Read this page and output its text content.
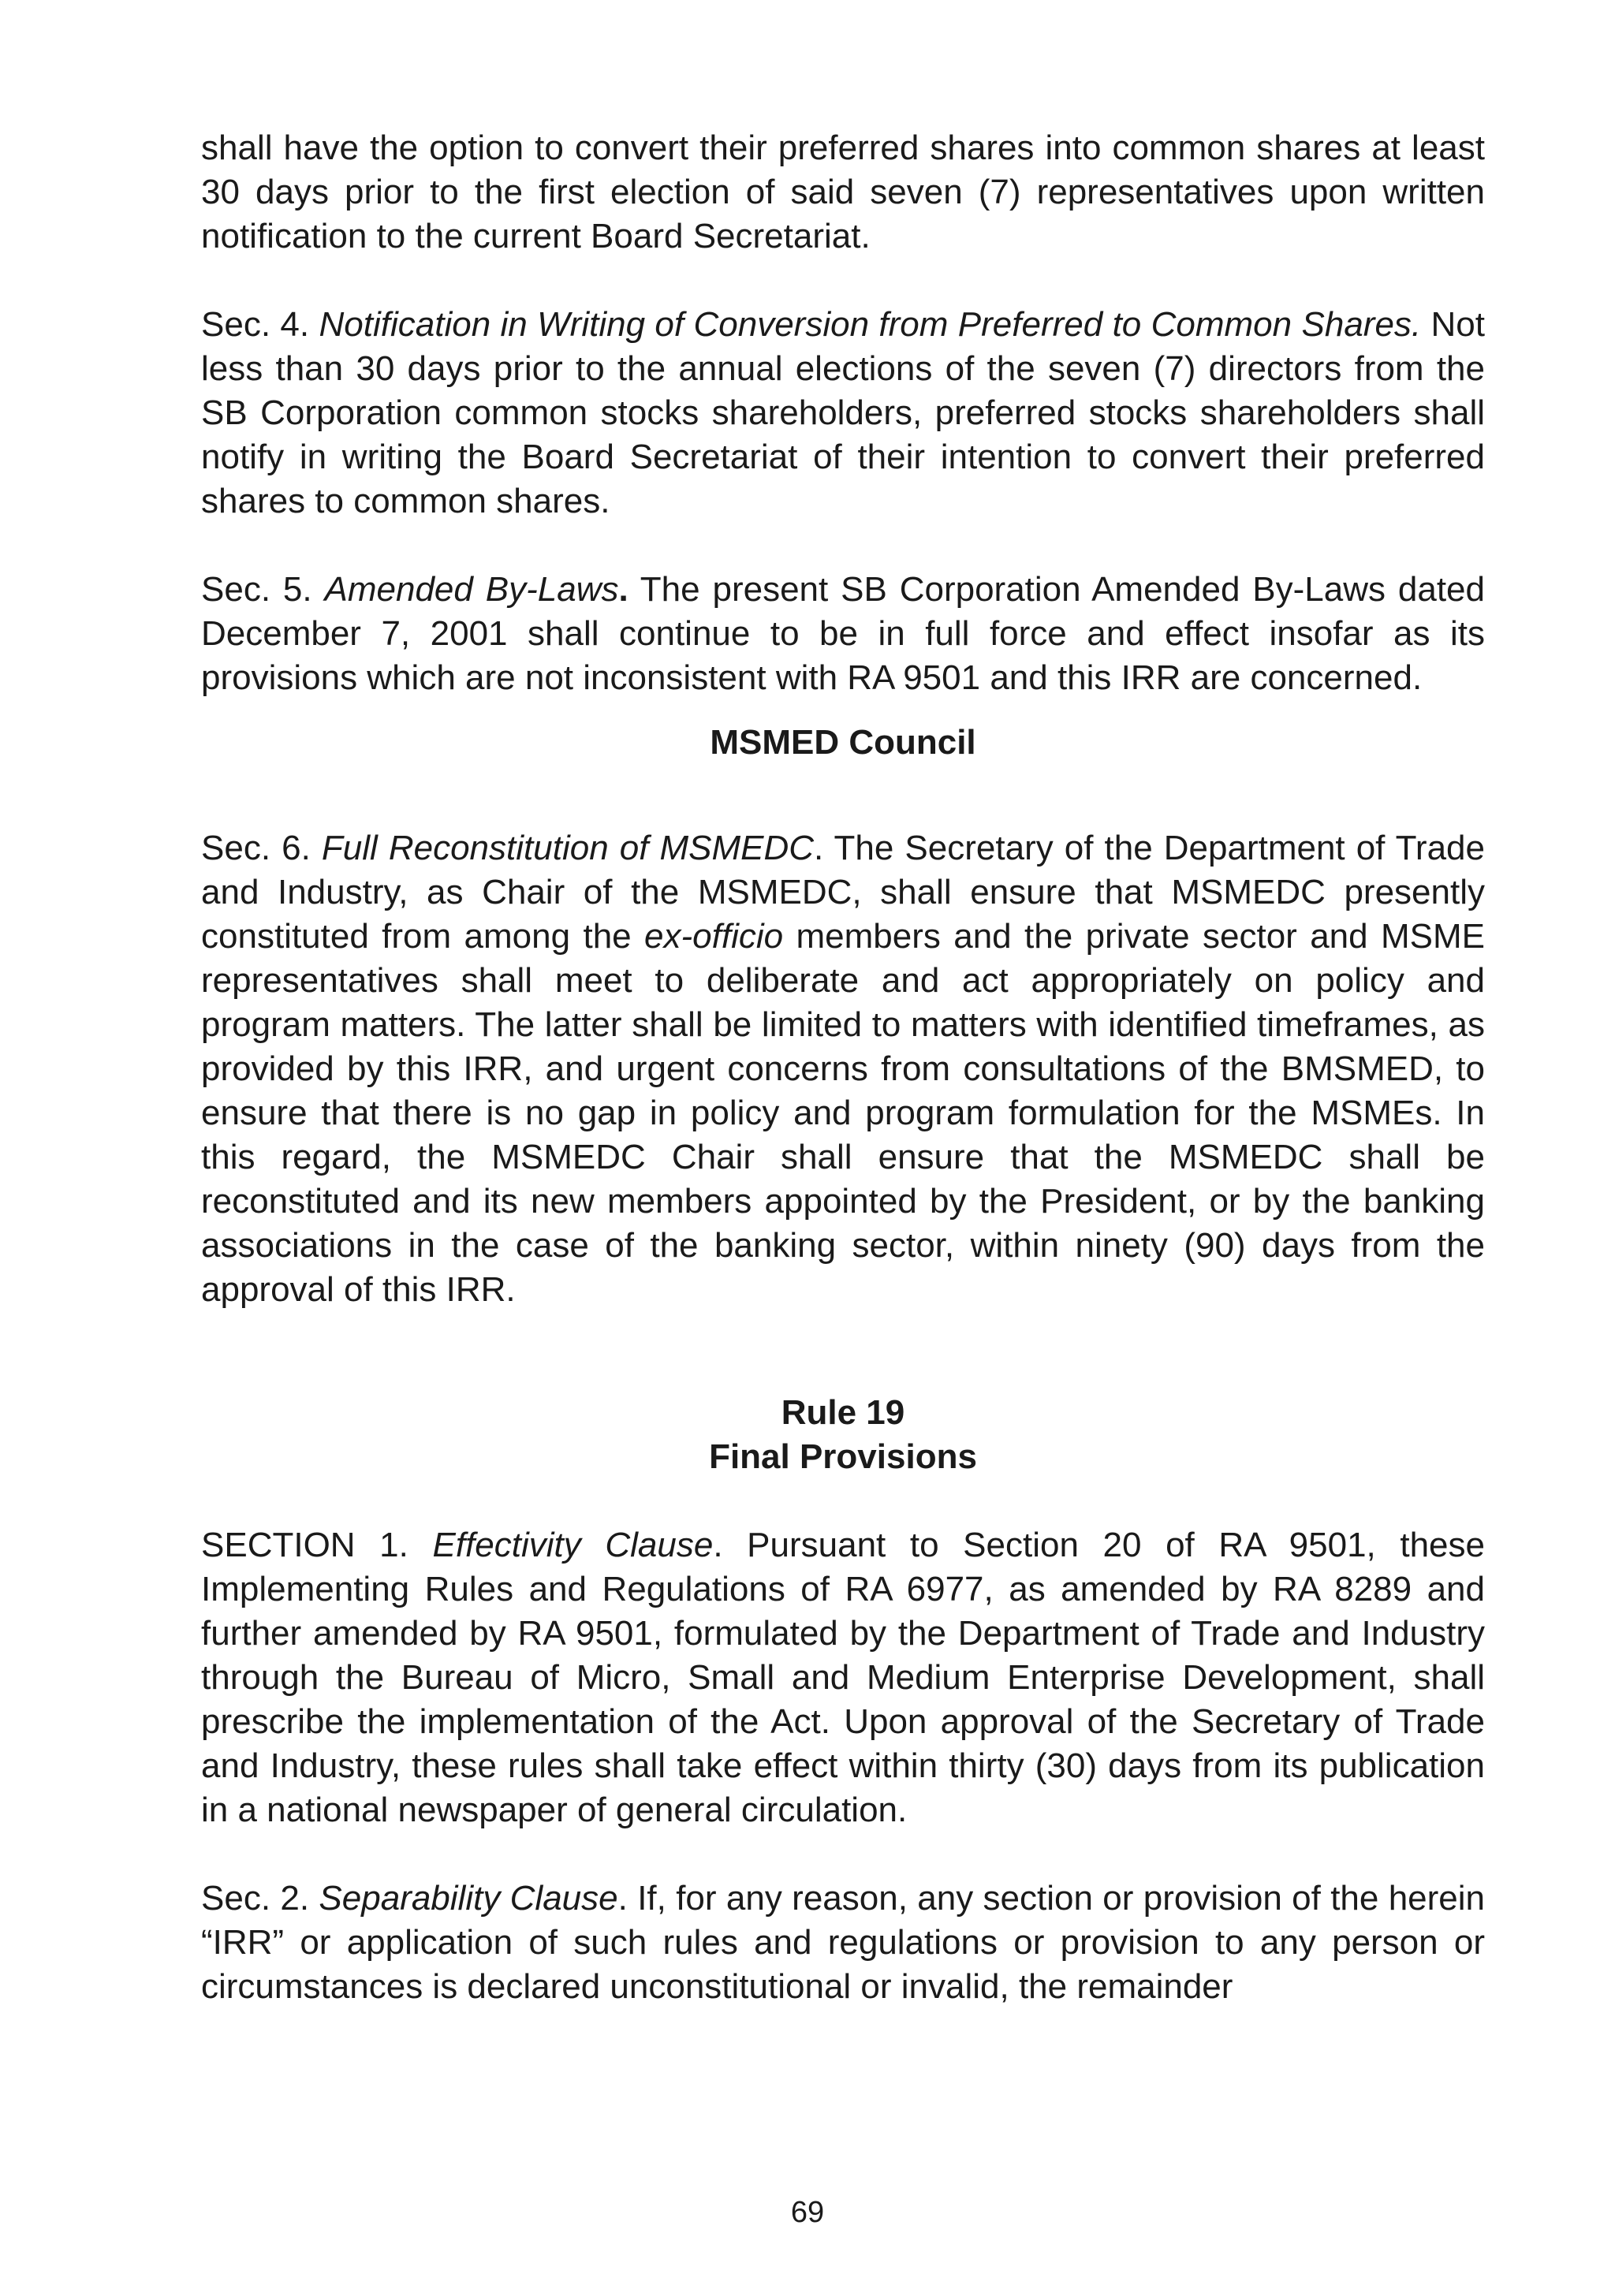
shall have the option to convert their preferred shares into common shares at least 30 days prior to the first election of said seven (7) representatives upon written notification to the current Board Secretariat.

Sec. 4. Notification in Writing of Conversion from Preferred to Common Shares. Not less than 30 days prior to the annual elections of the seven (7) directors from the SB Corporation common stocks shareholders, preferred stocks shareholders shall notify in writing the Board Secretariat of their intention to convert their preferred shares to common shares.

Sec. 5. Amended By-Laws. The present SB Corporation Amended By-Laws dated December 7, 2001 shall continue to be in full force and effect insofar as its provisions which are not inconsistent with RA 9501 and this IRR are concerned.

MSMED Council

Sec. 6. Full Reconstitution of MSMEDC. The Secretary of the Department of Trade and Industry, as Chair of the MSMEDC, shall ensure that MSMEDC presently constituted from among the ex-officio members and the private sector and MSME representatives shall meet to deliberate and act appropriately on policy and program matters. The latter shall be limited to matters with identified timeframes, as provided by this IRR, and urgent concerns from consultations of the BMSMED, to ensure that there is no gap in policy and program formulation for the MSMEs. In this regard, the MSMEDC Chair shall ensure that the MSMEDC shall be reconstituted and its new members appointed by the President, or by the banking associations in the case of the banking sector, within ninety (90) days from the approval of this IRR.

Rule 19
Final Provisions

SECTION 1. Effectivity Clause. Pursuant to Section 20 of RA 9501, these Implementing Rules and Regulations of RA 6977, as amended by RA 8289 and further amended by RA 9501, formulated by the Department of Trade and Industry through the Bureau of Micro, Small and Medium Enterprise Development, shall prescribe the implementation of the Act. Upon approval of the Secretary of Trade and Industry, these rules shall take effect within thirty (30) days from its publication in a national newspaper of general circulation.

Sec. 2. Separability Clause. If, for any reason, any section or provision of the herein “IRR” or application of such rules and regulations or provision to any person or circumstances is declared unconstitutional or invalid, the remainder

69
